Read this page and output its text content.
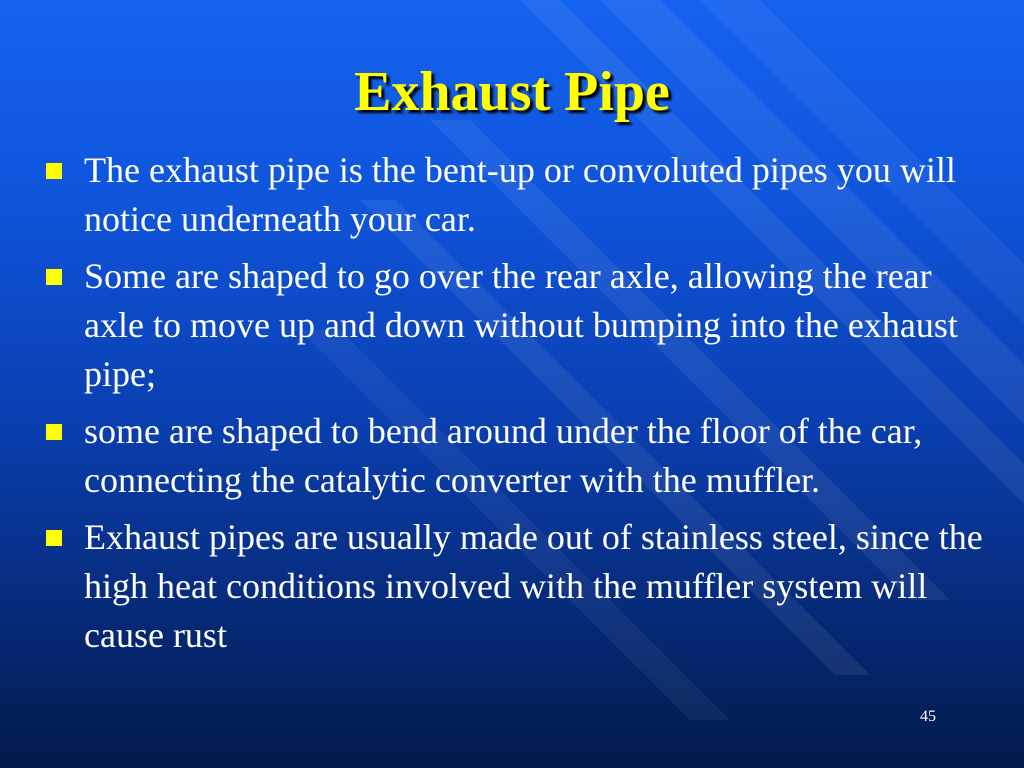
Exhaust Pipe
The exhaust pipe is the bent-up or convoluted pipes you will notice underneath your car.
Some are shaped to go over the rear axle, allowing the rear axle to move up and down without bumping into the exhaust pipe;
some are shaped to bend around under the floor of the car, connecting the catalytic converter with the muffler.
Exhaust pipes are usually made out of stainless steel, since the high heat conditions involved with the muffler system will cause rust
45
